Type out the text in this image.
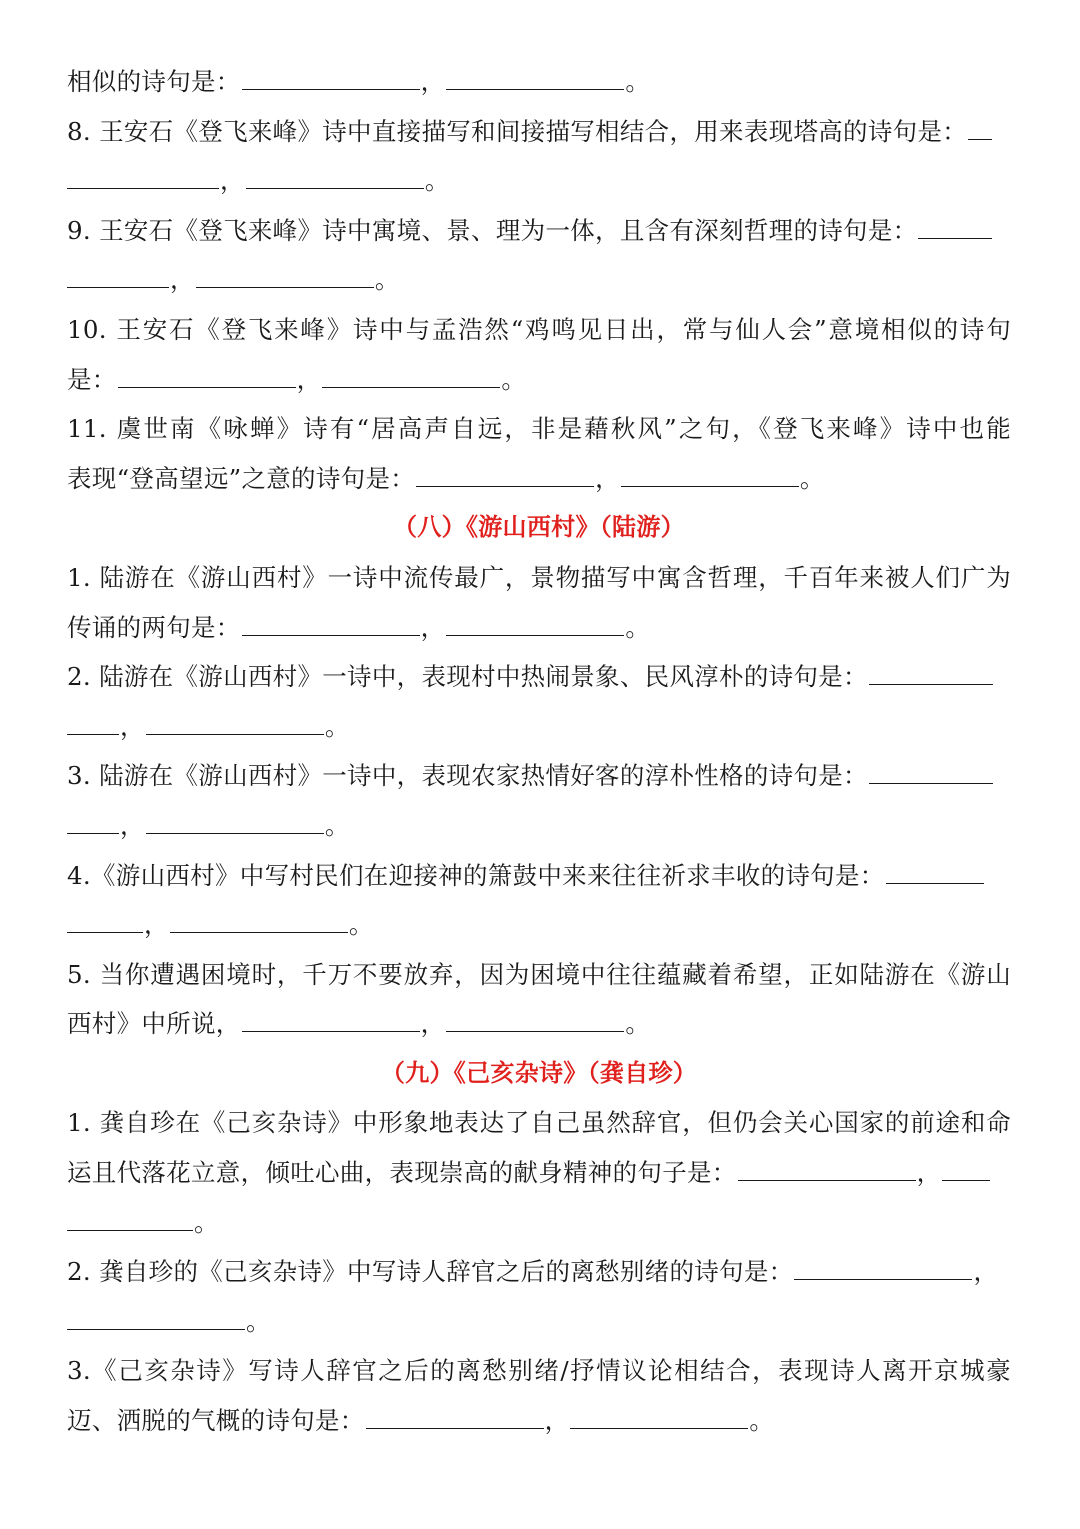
相似的诗句是：	，	。
8. 王安石《登飞来峰》诗中直接描写和间接描写相结合，用来表现塔高的诗句是：
，	。
9. 王安石《登飞来峰》诗中寓境、景、理为一体，且含有深刻哲理的诗句是：
，	。
10. 王安石《登飞来峰》诗中与孟浩然“鸡鸣见日出，常与仙人会”意境相似的诗句
是：	，	。
11. 虞世南《咏蝉》诗有“居高声自远，非是藉秋风”之句，《登飞来峰》诗中也能
表现“登高望远”之意的诗句是：	，	。
（八）《游山西村》（陆游）
1. 陆游在《游山西村》一诗中流传最广，景物描写中寓含哲理，千百年来被人们广为
传诵的两句是：	，	。
2. 陆游在《游山西村》一诗中，表现村中热闹景象、民风淳朴的诗句是：
，	。
3. 陆游在《游山西村》一诗中，表现农家热情好客的淳朴性格的诗句是：
，	。
4.《游山西村》中写村民们在迎接神的箫鼓中来来往往祈求丰收的诗句是：
，	。
5. 当你遭遇困境时，千万不要放弃，因为困境中往往蕴藏着希望，正如陆游在《游山
西村》中所说，	，	。
（九）《己亥杂诗》（龚自珍）
1. 龚自珍在《己亥杂诗》中形象地表达了自己虽然辞官，但仍会关心国家的前途和命
运且代落花立意，倾吐心曲，表现崇高的献身精神的句子是：	，
。
2. 龚自珍的《己亥杂诗》中写诗人辞官之后的离愁别绪的诗句是：	，
。
3.《己亥杂诗》写诗人辞官之后的离愁别绪/抒情议论相结合，表现诗人离开京城豪
迈、洒脱的气概的诗句是：	，	。
